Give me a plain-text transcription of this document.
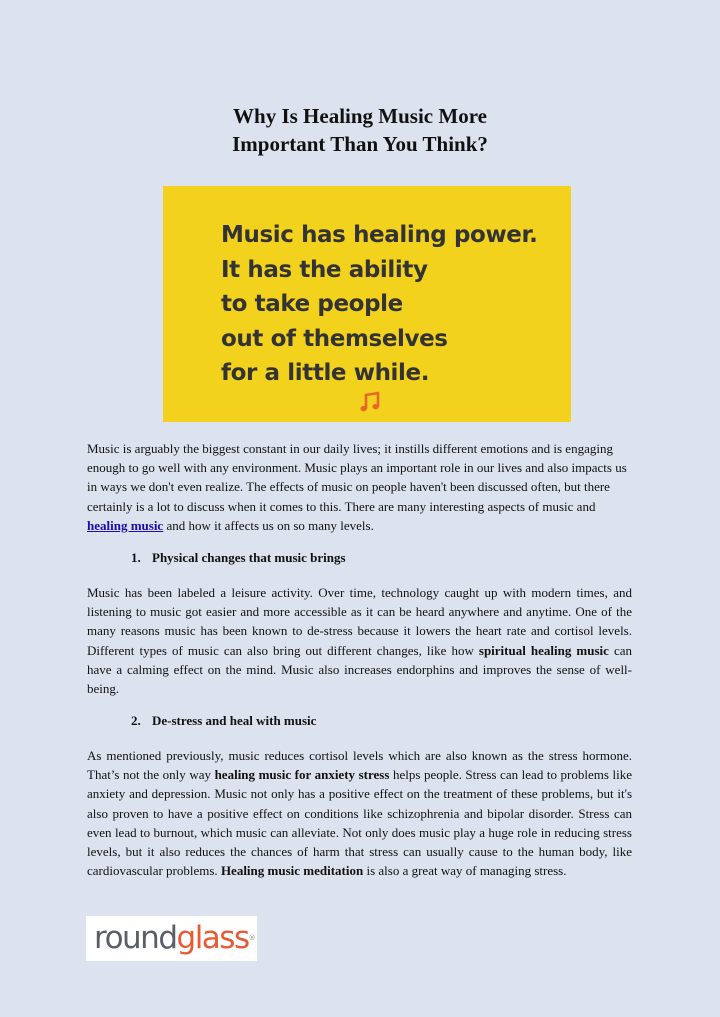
Why Is Healing Music More
Important Than You Think?
Music has healing power.
It has the ability
to take people
out of themselves
for a little while.

Music is arguably the biggest constant in our daily lives; it instills different emotions and is engaging enough to go well with any environment. Music plays an important role in our lives and also impacts us in ways we don't even realize. The effects of music on people haven't been discussed often, but there certainly is a lot to discuss when it comes to this. There are many interesting aspects of music and healing music and how it affects us on so many levels.

1. Physical changes that music brings

Music has been labeled a leisure activity. Over time, technology caught up with modern times, and listening to music got easier and more accessible as it can be heard anywhere and anytime. One of the many reasons music has been known to de-stress because it lowers the heart rate and cortisol levels. Different types of music can also bring out different changes, like how spiritual healing music can have a calming effect on the mind. Music also increases endorphins and improves the sense of well-being.

2. De-stress and heal with music

As mentioned previously, music reduces cortisol levels which are also known as the stress hormone. That’s not the only way healing music for anxiety stress helps people. Stress can lead to problems like anxiety and depression. Music not only has a positive effect on the treatment of these problems, but it's also proven to have a positive effect on conditions like schizophrenia and bipolar disorder. Stress can even lead to burnout, which music can alleviate. Not only does music play a huge role in reducing stress levels, but it also reduces the chances of harm that stress can usually cause to the human body, like cardiovascular problems. Healing music meditation is also a great way of managing stress.

roundglass®
